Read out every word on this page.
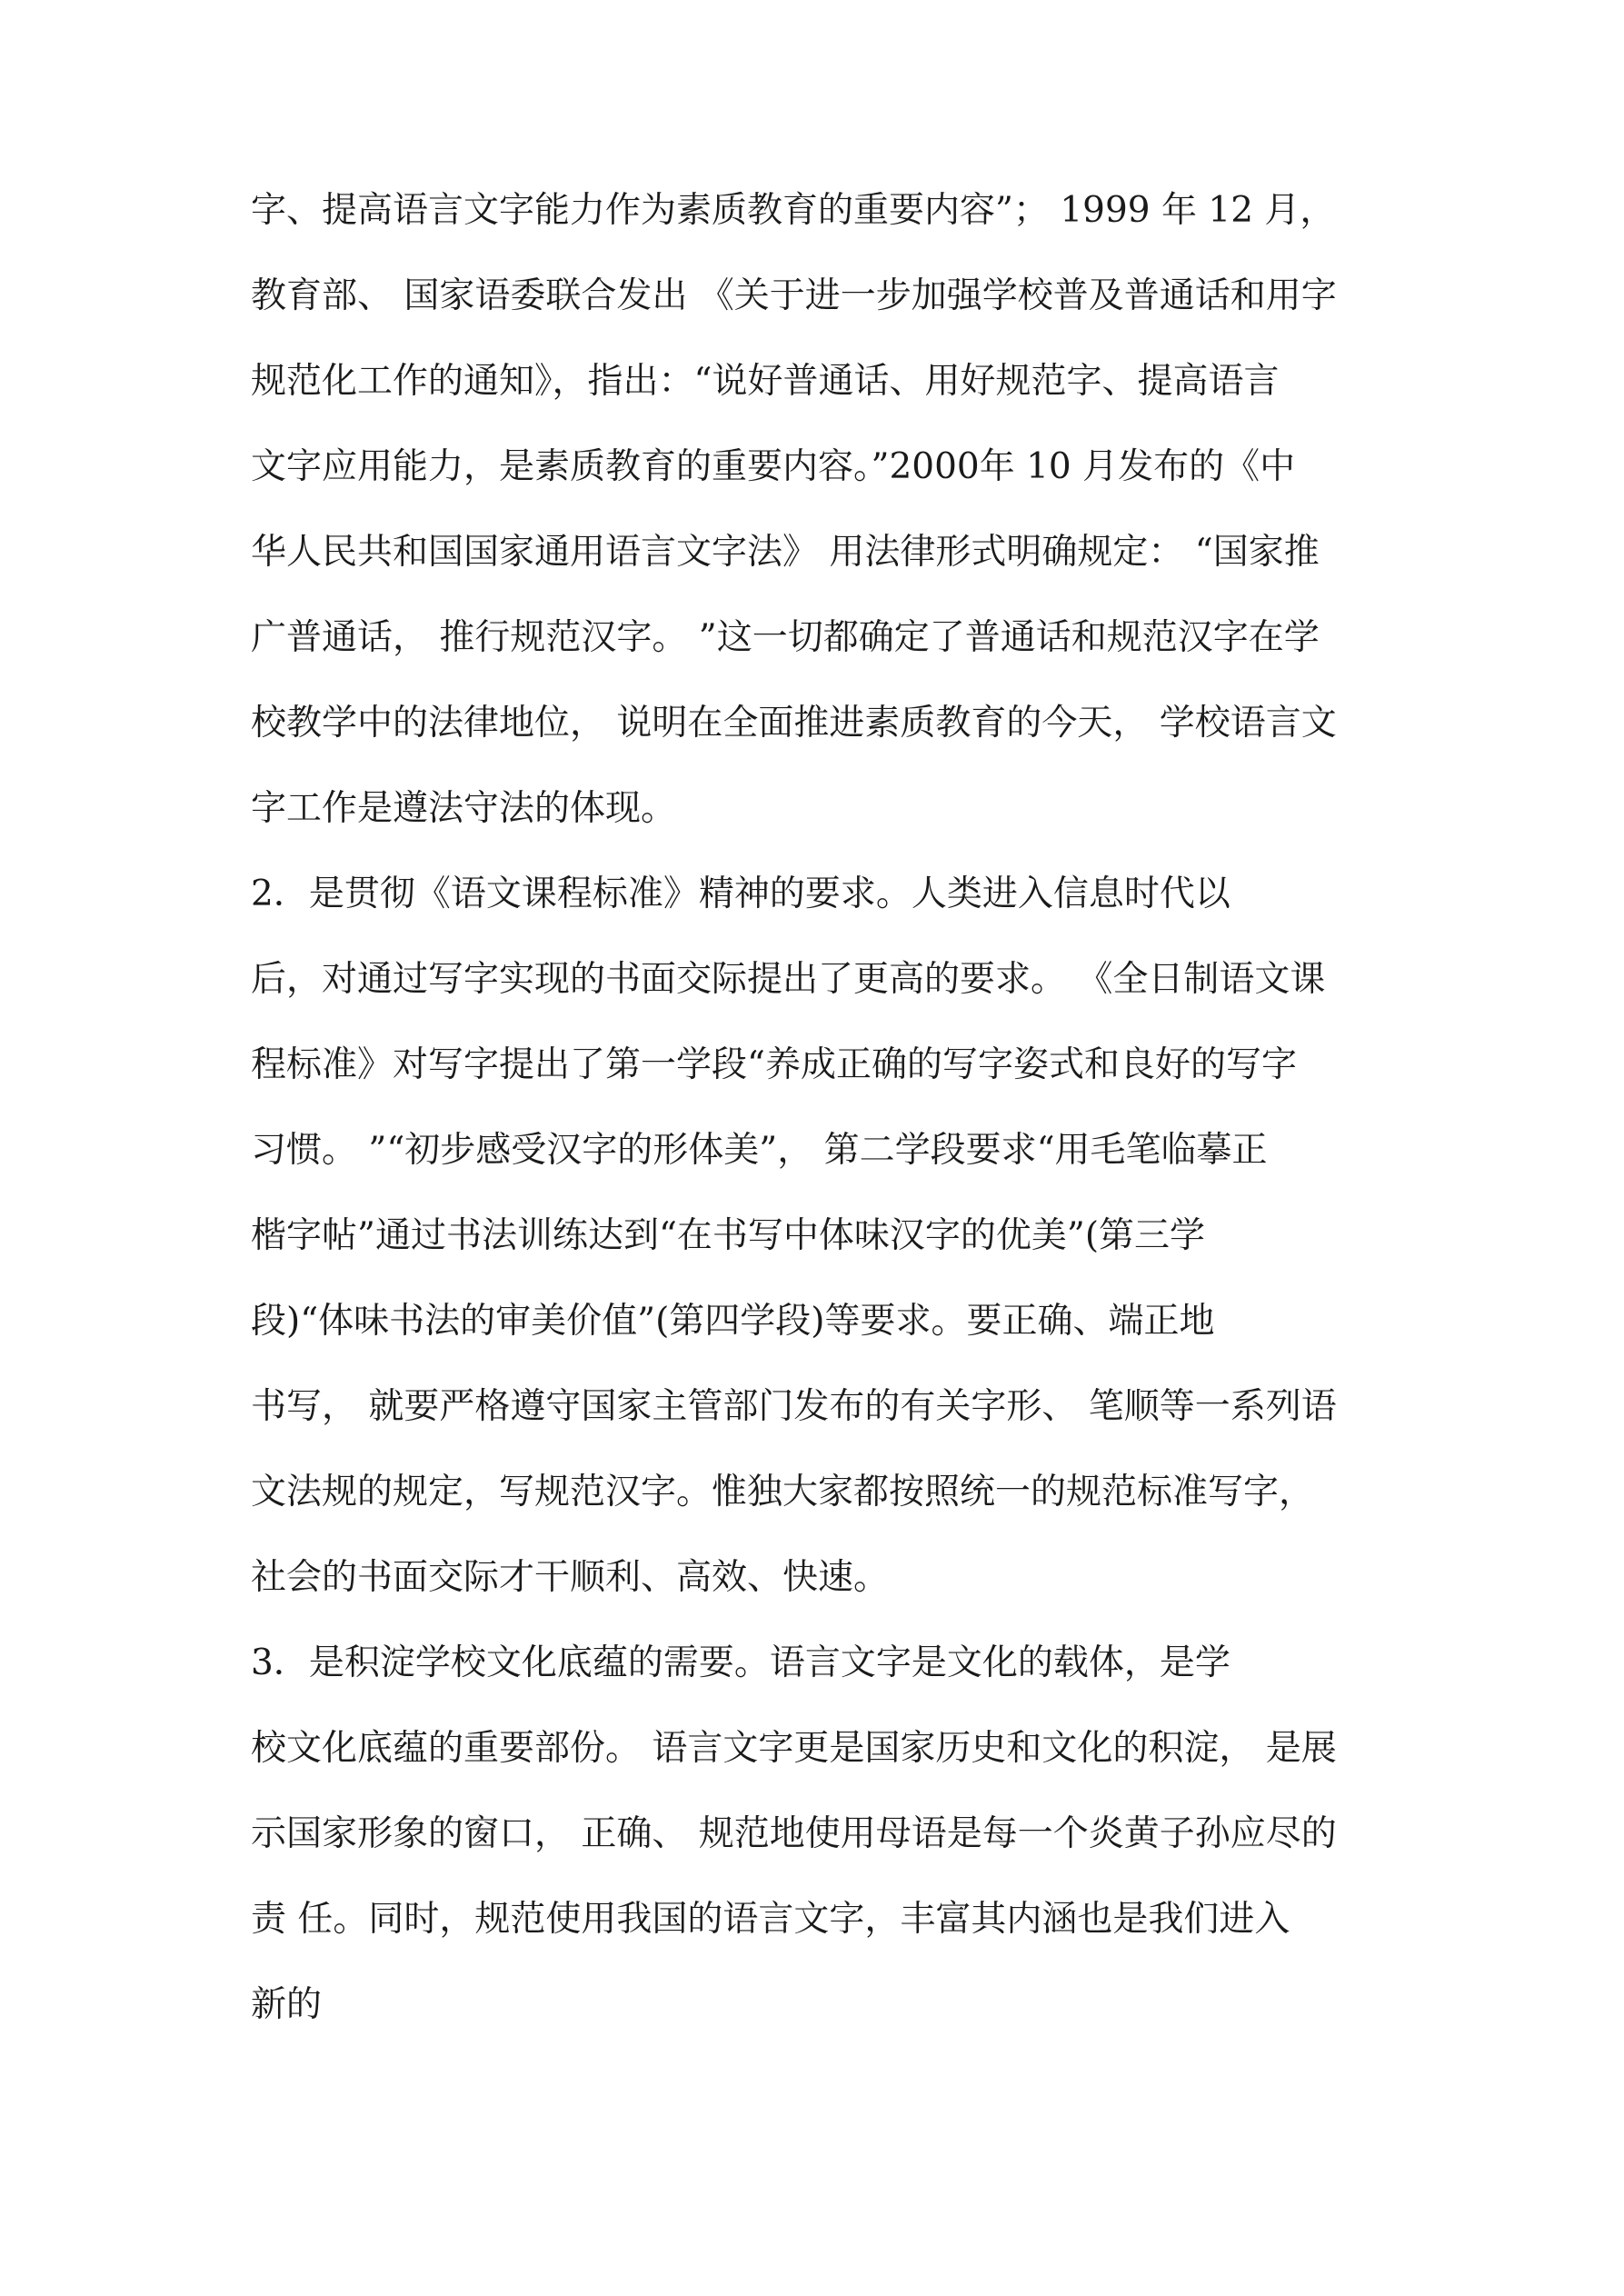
字、提高语言文字能力作为素质教育的重要内容”； 1999 年 12 月，
教育部、 国家语委联合发出 《关于进一步加强学校普及普通话和用字
规范化工作的通知》，指出：“说好普通话、用好规范字、提高语言
文字应用能力，是素质教育的重要内容。”2000年 10 月发布的《中
华人民共和国国家通用语言文字法》 用法律形式明确规定： “国家推
广普通话， 推行规范汉字。 ”这一切都确定了普通话和规范汉字在学
校教学中的法律地位， 说明在全面推进素质教育的今天， 学校语言文
字工作是遵法守法的体现。
2．是贯彻《语文课程标准》精神的要求。人类进入信息时代以
后，对通过写字实现的书面交际提出了更高的要求。 《全日制语文课
程标准》对写字提出了第一学段“养成正确的写字姿式和良好的写字
习惯。 ”“初步感受汉字的形体美”， 第二学段要求“用毛笔临摹正
楷字帖”通过书法训练达到“在书写中体味汉字的优美”(第三学
段)“体味书法的审美价值”(第四学段)等要求。要正确、端正地
书写， 就要严格遵守国家主管部门发布的有关字形、 笔顺等一系列语
文法规的规定，写规范汉字。惟独大家都按照统一的规范标准写字，
社会的书面交际才干顺利、高效、快速。
3．是积淀学校文化底蕴的需要。语言文字是文化的载体，是学
校文化底蕴的重要部份。 语言文字更是国家历史和文化的积淀， 是展
示国家形象的窗口， 正确、 规范地使用母语是每一个炎黄子孙应尽的
责 任。同时，规范使用我国的语言文字，丰富其内涵也是我们进入
新的
